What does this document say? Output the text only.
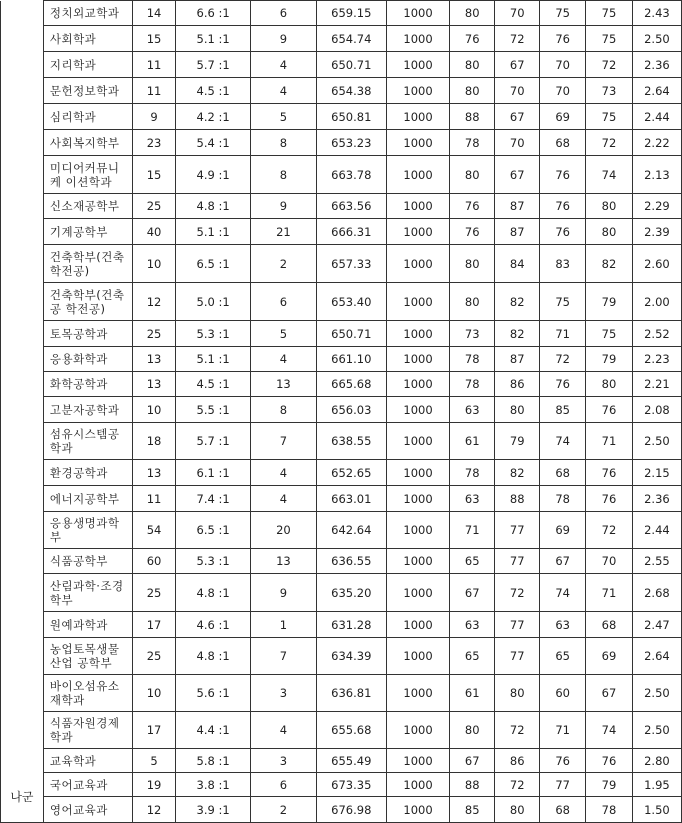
나군	정치외교학과	14	6.6 :1	6	659.15	1000	80	70	75	75	2.43
	사회학과	15	5.1 :1	9	654.74	1000	76	72	76	75	2.50
	지리학과	11	5.7 :1	4	650.71	1000	80	67	70	72	2.36
	문헌정보학과	11	4.5 :1	4	654.38	1000	80	70	70	73	2.64
	심리학과	9	4.2 :1	5	650.81	1000	88	67	69	75	2.44
	사회복지학부	23	5.4 :1	8	653.23	1000	78	70	68	72	2.22
	미디어커뮤니케 이션학과	15	4.9 :1	8	663.78	1000	80	67	76	74	2.13
	신소재공학부	25	4.8 :1	9	663.56	1000	76	87	76	80	2.29
	기계공학부	40	5.1 :1	21	666.31	1000	76	87	76	80	2.39
	건축학부(건축 학전공)	10	6.5 :1	2	657.33	1000	80	84	83	82	2.60
	건축학부(건축공 학전공)	12	5.0 :1	6	653.40	1000	80	82	75	79	2.00
	토목공학과	25	5.3 :1	5	650.71	1000	73	82	71	75	2.52
	응용화학과	13	5.1 :1	4	661.10	1000	78	87	72	79	2.23
	화학공학과	13	4.5 :1	13	665.68	1000	78	86	76	80	2.21
	고분자공학과	10	5.5 :1	8	656.03	1000	63	80	85	76	2.08
	섬유시스템공 학과	18	5.7 :1	7	638.55	1000	61	79	74	71	2.50
	환경공학과	13	6.1 :1	4	652.65	1000	78	82	68	76	2.15
	에너지공학부	11	7.4 :1	4	663.01	1000	63	88	78	76	2.36
	응용생명과학 부	54	6.5 :1	20	642.64	1000	71	77	69	72	2.44
	식품공학부	60	5.3 :1	13	636.55	1000	65	77	67	70	2.55
	산림과학·조경 학부	25	4.8 :1	9	635.20	1000	67	72	74	71	2.68
	원예과학과	17	4.6 :1	1	631.28	1000	63	77	63	68	2.47
	농업토목생물산업 공학부	25	4.8 :1	7	634.39	1000	65	77	65	69	2.64
	바이오섬유소 재학과	10	5.6 :1	3	636.81	1000	61	80	60	67	2.50
	식품자원경제 학과	17	4.4 :1	4	655.68	1000	80	72	71	74	2.50
	교육학과	5	5.8 :1	3	655.49	1000	67	86	76	76	2.80
	국어교육과	19	3.8 :1	6	673.35	1000	88	72	77	79	1.95
	영어교육과	12	3.9 :1	2	676.98	1000	85	80	68	78	1.50
